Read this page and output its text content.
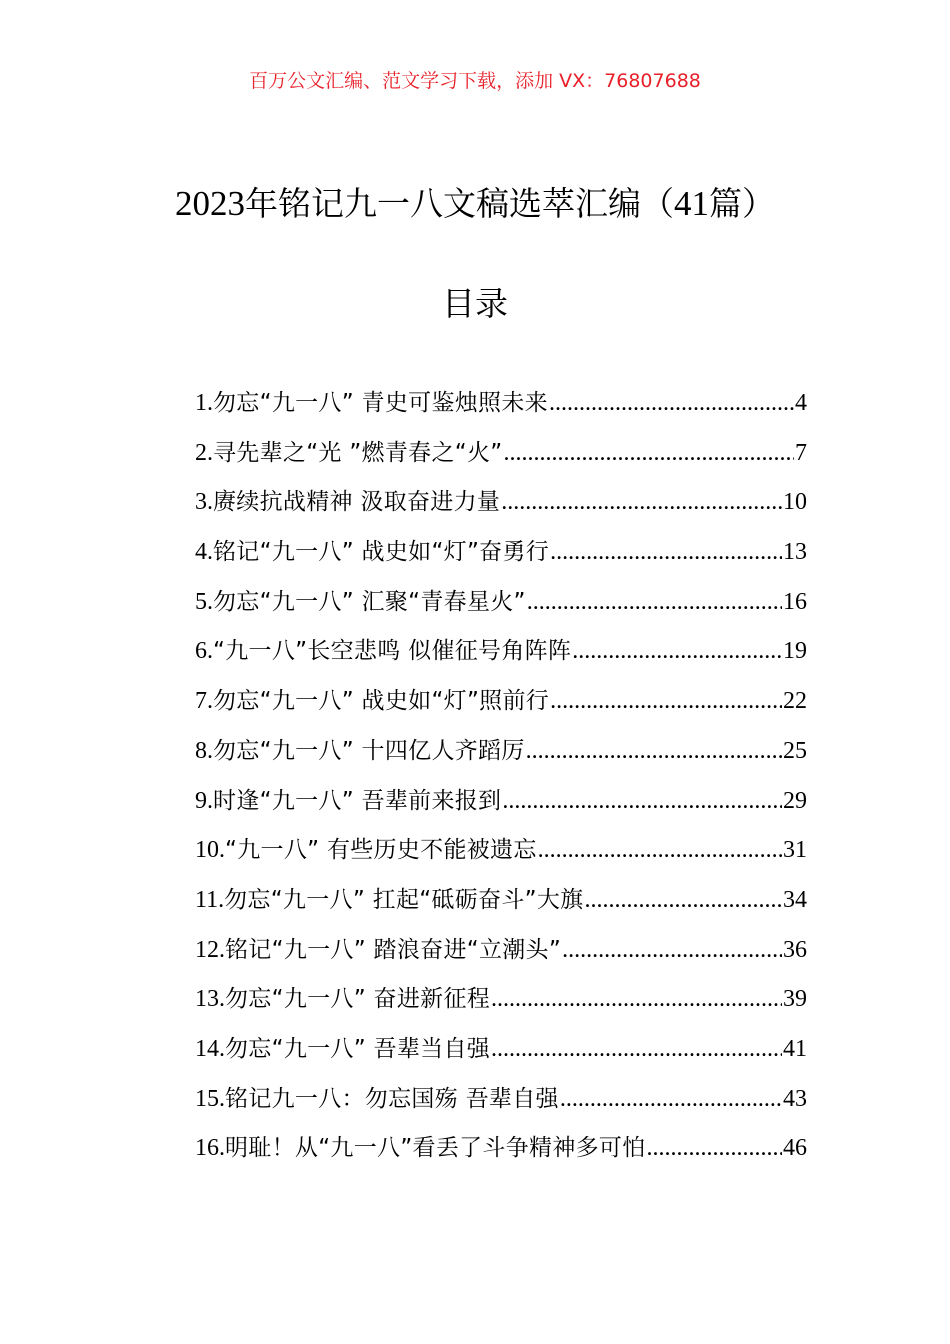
百万公文汇编、范文学习下载，添加 VX：76807688
2023年铭记九一八文稿选萃汇编（41篇）
目录
1. 勿忘“九一八” 青史可鉴烛照未来 .....	4
2. 寻先辈之“光 ”燃青春之“火” .....	7
3. 赓续抗战精神 汲取奋进力量 .....	10
4. 铭记“九一八” 战史如“灯”奋勇行 .....	13
5. 勿忘“九一八” 汇聚“青春星火” .....	16
6. “九一八”长空悲鸣 似催征号角阵阵 .....	19
7. 勿忘“九一八” 战史如“灯”照前行 .....	22
8. 勿忘“九一八” 十四亿人齐蹈厉 .....	25
9. 时逢“九一八” 吾辈前来报到 .....	29
10. “九一八” 有些历史不能被遗忘 .....	31
11. 勿忘“九一八” 扛起“砥砺奋斗”大旗 .....	34
12. 铭记“九一八” 踏浪奋进“立潮头” .....	36
13. 勿忘“九一八” 奋进新征程 .....	39
14. 勿忘“九一八” 吾辈当自强 .....	41
15. 铭记九一八：勿忘国殇 吾辈自强 .....	43
16. 明耻！从“九一八”看丢了斗争精神多可怕 .....	46
